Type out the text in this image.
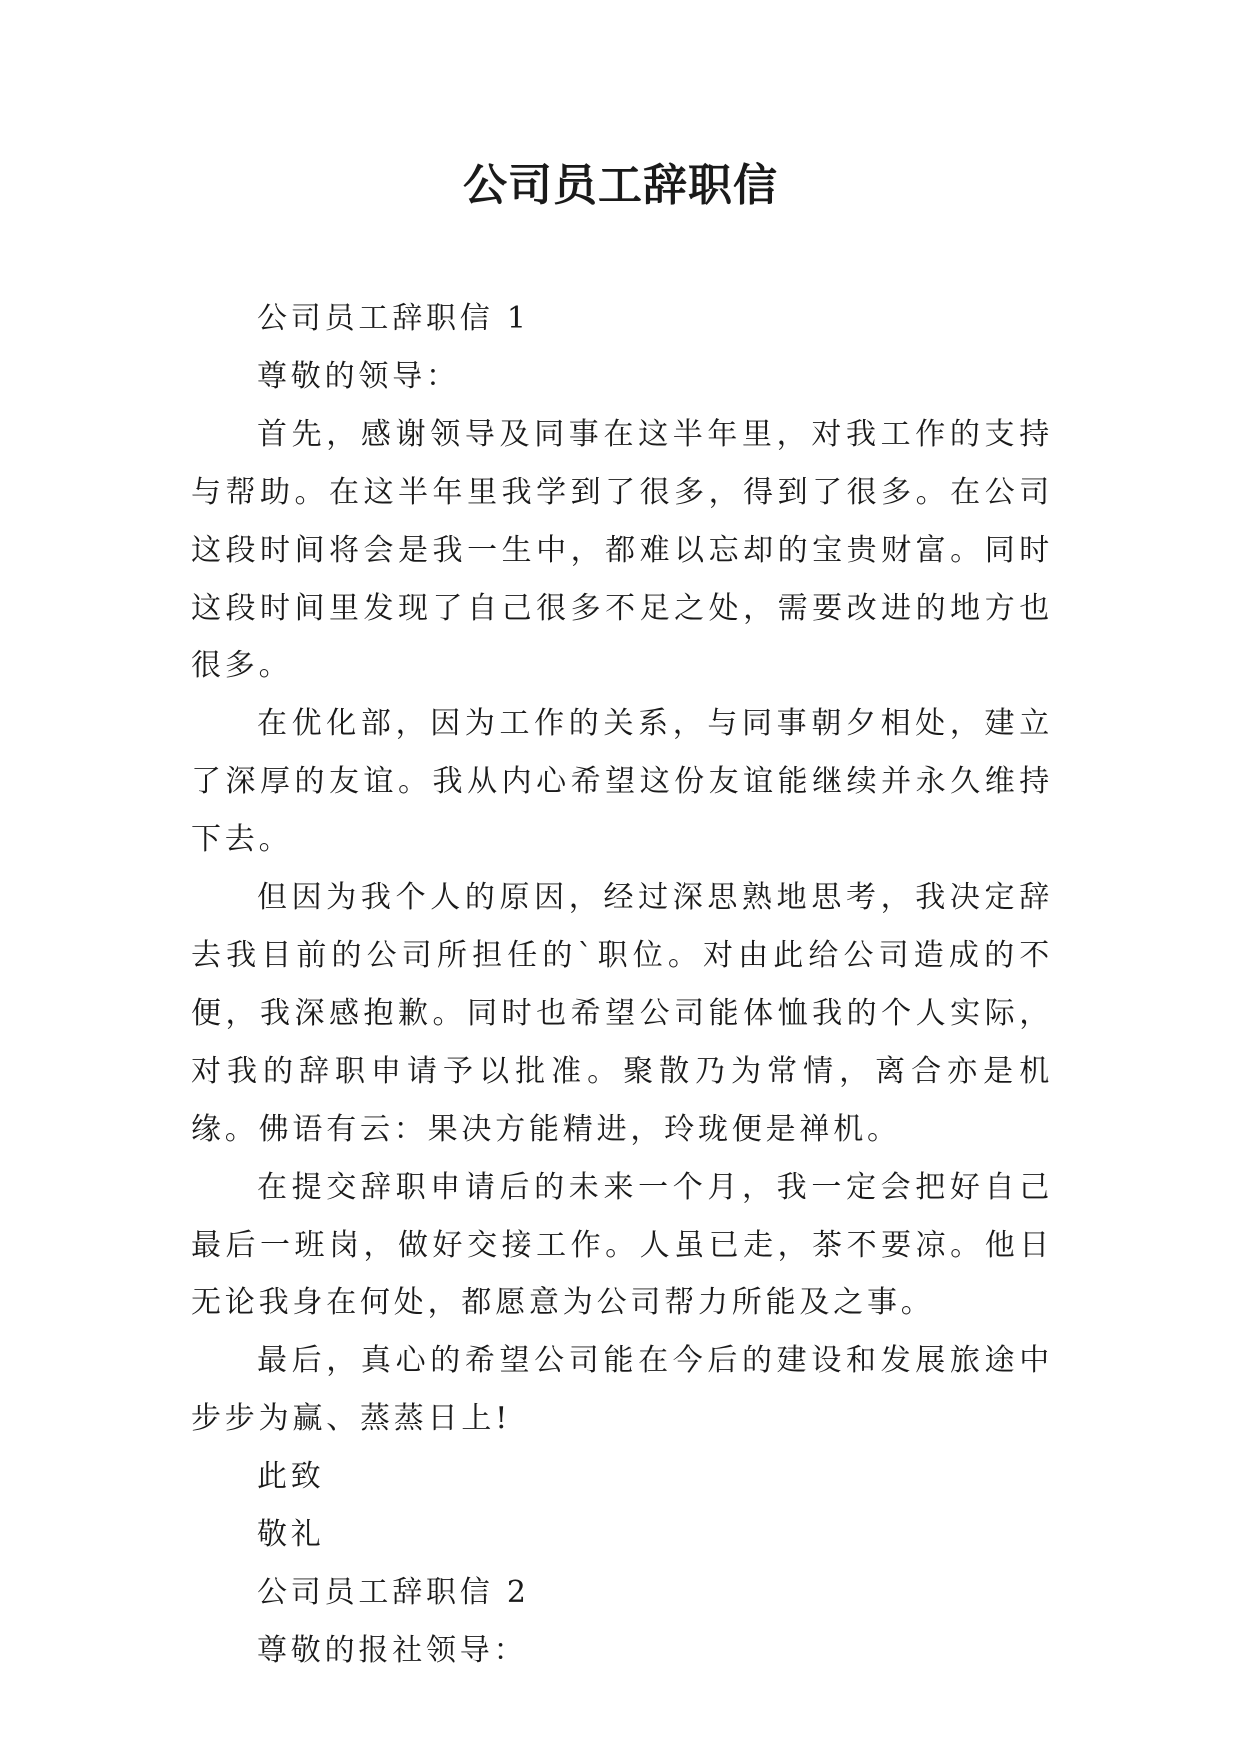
公司员工辞职信

公司员工辞职信 1

尊敬的领导：

首先，感谢领导及同事在这半年里，对我工作的支持与帮助。在这半年里我学到了很多，得到了很多。在公司这段时间将会是我一生中，都难以忘却的宝贵财富。同时这段时间里发现了自己很多不足之处，需要改进的地方也很多。

在优化部，因为工作的关系，与同事朝夕相处，建立了深厚的友谊。我从内心希望这份友谊能继续并永久维持下去。

但因为我个人的原因，经过深思熟地思考，我决定辞去我目前的公司所担任的`职位。对由此给公司造成的不便，我深感抱歉。同时也希望公司能体恤我的个人实际，对我的辞职申请予以批准。聚散乃为常情，离合亦是机缘。佛语有云：果决方能精进，玲珑便是禅机。

在提交辞职申请后的未来一个月，我一定会把好自己最后一班岗，做好交接工作。人虽已走，茶不要凉。他日无论我身在何处，都愿意为公司帮力所能及之事。

最后，真心的希望公司能在今后的建设和发展旅途中步步为赢、蒸蒸日上!

此致

敬礼

公司员工辞职信 2

尊敬的报社领导：
